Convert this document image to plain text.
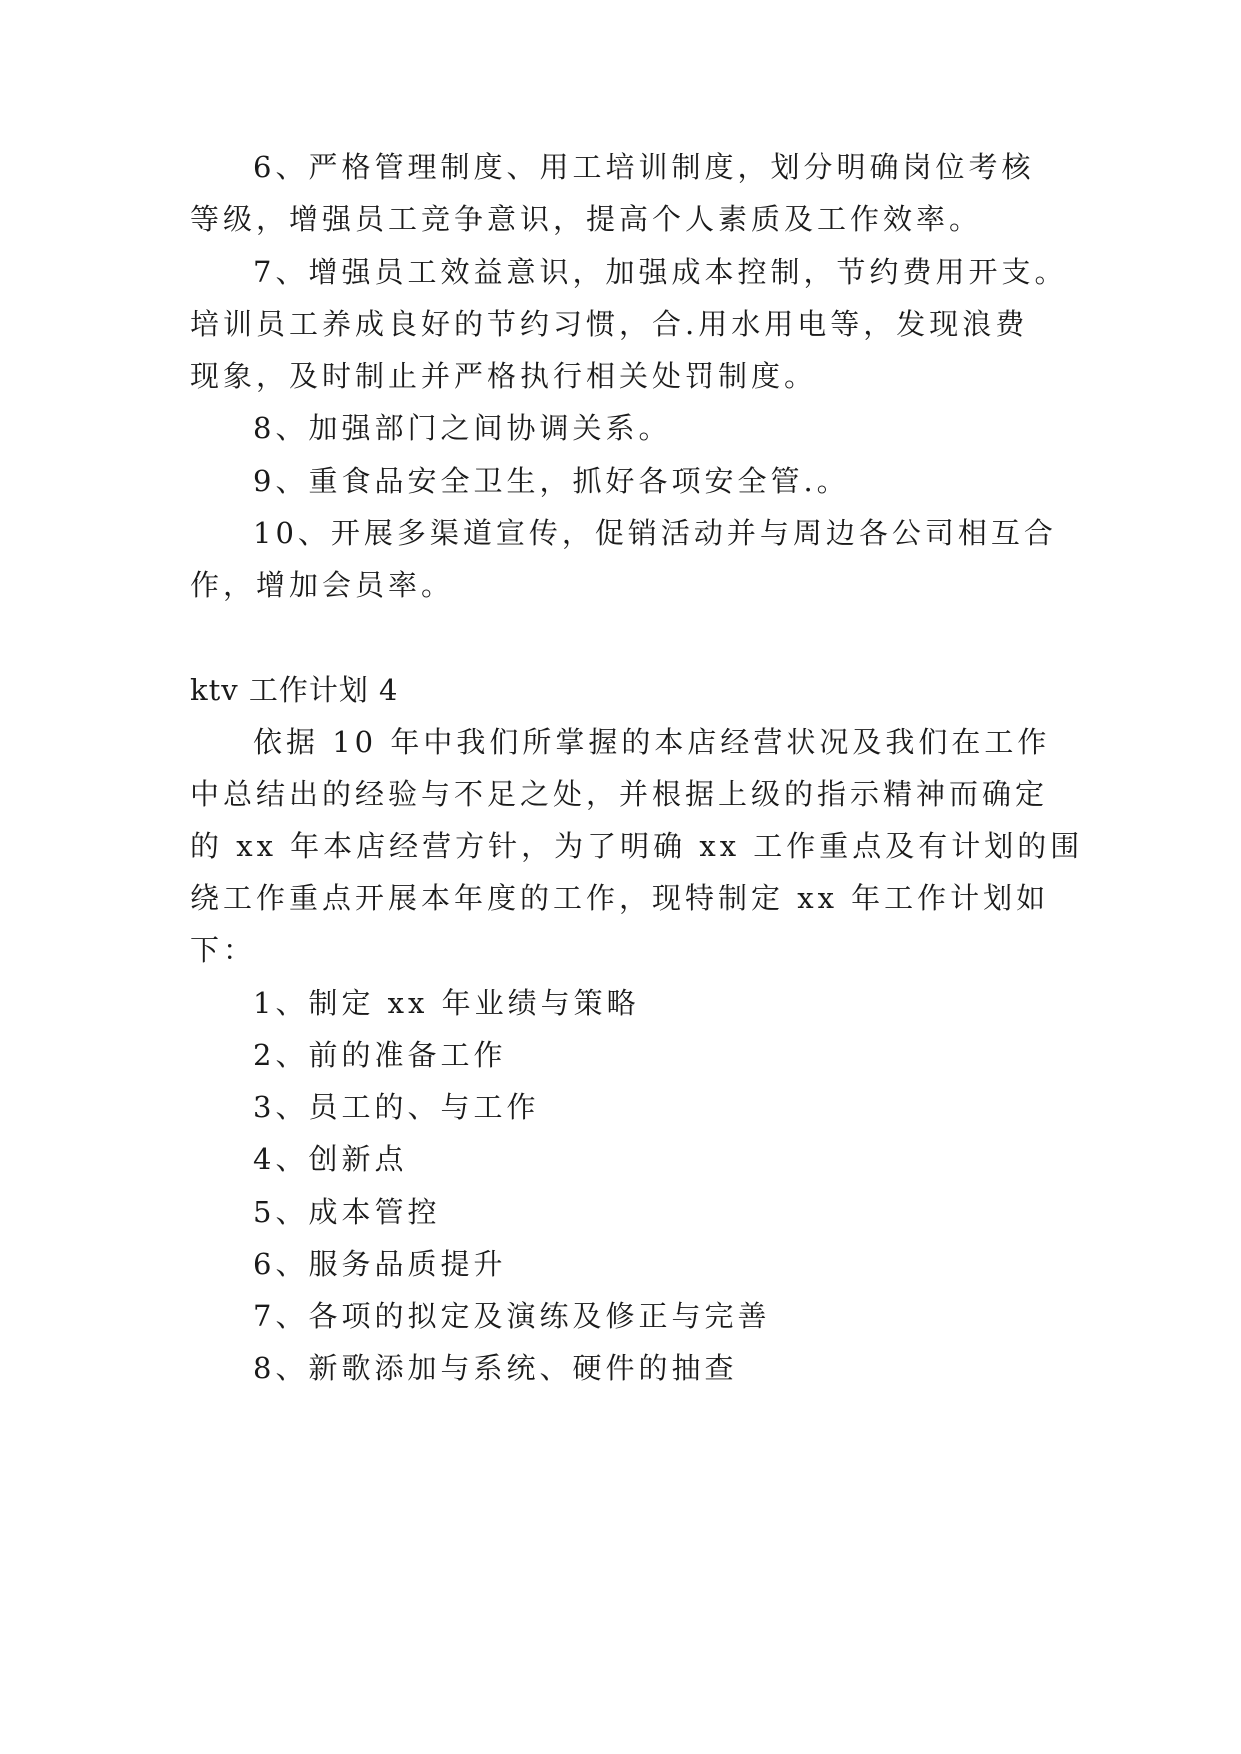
6、严格管理制度、用工培训制度，划分明确岗位考核
等级，增强员工竞争意识，提高个人素质及工作效率。
7、增强员工效益意识，加强成本控制，节约费用开支。
培训员工养成良好的节约习惯，合.用水用电等，发现浪费
现象，及时制止并严格执行相关处罚制度。
8、加强部门之间协调关系。
9、重食品安全卫生，抓好各项安全管.。
10、开展多渠道宣传，促销活动并与周边各公司相互合
作，增加会员率。
ktv 工作计划 4
依据 10 年中我们所掌握的本店经营状况及我们在工作
中总结出的经验与不足之处，并根据上级的指示精神而确定
的 xx 年本店经营方针，为了明确 xx 工作重点及有计划的围
绕工作重点开展本年度的工作，现特制定 xx 年工作计划如
下：
1、制定 xx 年业绩与策略
2、前的准备工作
3、员工的、与工作
4、创新点
5、成本管控
6、服务品质提升
7、各项的拟定及演练及修正与完善
8、新歌添加与系统、硬件的抽查
